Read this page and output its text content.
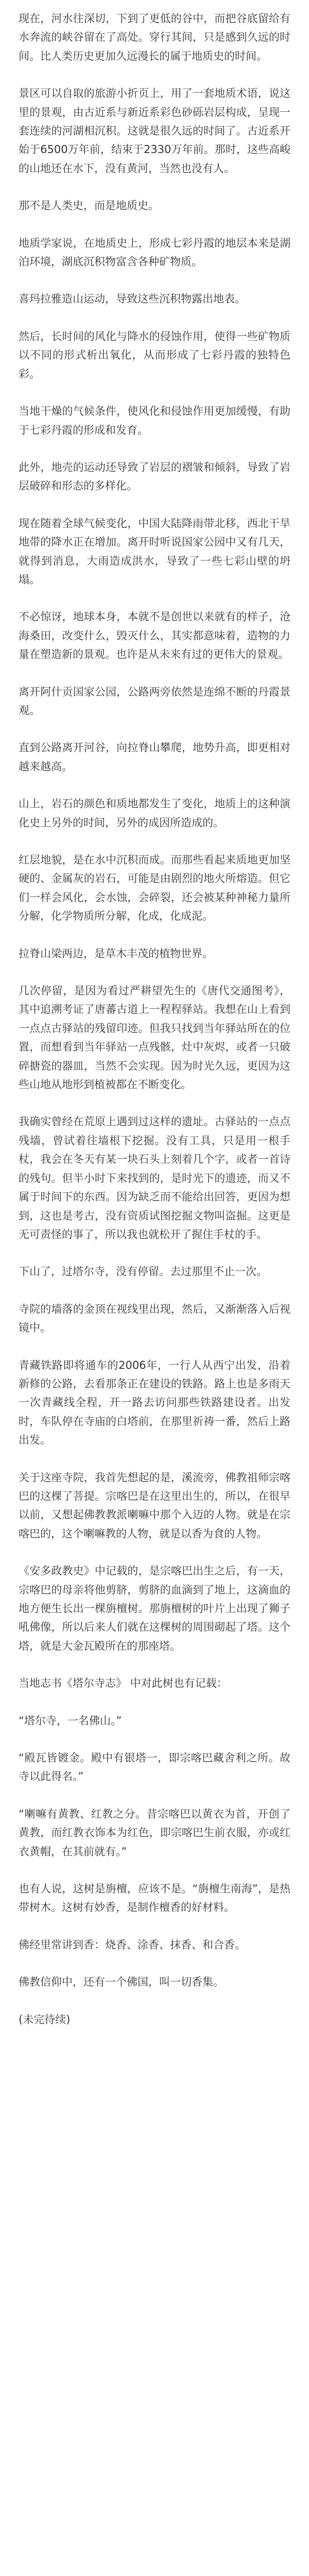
现在，河水往深切，下到了更低的谷中，而把谷底留给有水奔流的峡谷留在了高处。穿行其间，只是感到久远的时间。比人类历史更加久远漫长的属于地质史的时间。

景区可以自取的旅游小折页上，用了一套地质术语，说这里的景观，由古近系与新近系彩色砂砾岩层构成，呈现一套连续的河湖相沉积。这就是很久远的时间了。古近系开始于6500万年前，结束于2330万年前。那时，这些高峻的山地还在水下，没有黄河，当然也没有人。

那不是人类史，而是地质史。

地质学家说，在地质史上，形成七彩丹霞的地层本来是湖泊环境，湖底沉积物富含各种矿物质。

喜玛拉雅造山运动，导致这些沉积物露出地表。

然后，长时间的风化与降水的侵蚀作用，使得一些矿物质以不同的形式析出氧化，从而形成了七彩丹霞的独特色彩。

当地干燥的气候条件，使风化和侵蚀作用更加缓慢，有助于七彩丹霞的形成和发育。

此外，地壳的运动还导致了岩层的褶皱和倾斜，导致了岩层破碎和形态的多样化。

现在随着全球气候变化，中国大陆降雨带北移，西北干旱地带的降水正在增加。离开时听说国家公园中又有几天，就得到消息，大雨造成洪水，导致了一些七彩山壁的坍塌。

不必惊讶，地球本身，本就不是创世以来就有的样子，沧海桑田，改变什么，毁灭什么，其实都意味着，造物的力量在塑造新的景观。也许是从未来有过的更伟大的景观。

离开阿什贡国家公园，公路两旁依然是连绵不断的丹霞景观。

直到公路离开河谷，向拉脊山攀爬，地势升高，即更相对越来越高。

山上，岩石的颜色和质地都发生了变化，地质上的这种演化史上另外的时间，另外的成因所造成的。

红层地貌，是在水中沉积而成。而那些看起来质地更加坚硬的、金属灰的岩石，可能是由剧烈的地火所熔造。但它们一样会风化，会水蚀，会碎裂，还会被某种神秘力量所分解，化学物质所分解，化成，化成泥。

拉脊山梁两边，是草木丰茂的植物世界。

几次停留，是因为看过严耕望先生的《唐代交通图考》，其中追溯考证了唐蕃古道上一程程驿站。我想在山上看到一点点古驿站的残留印迹。但我只找到当年驿站所在的位置，而想看到当年驿站一点残骸，灶中灰烬，或者一只破碎搪瓷的器皿，当然不会实现。因为时光久远，更因为这些山地从地形到植被都在不断变化。

我确实曾经在荒原上遇到过这样的遗址。古驿站的一点点残墙，曾试着往墙根下挖掘。没有工具，只是用一根手杖，我会在冬天有某一块石头上刻着几个字，或者一首诗的残句。但半小时下来找到的，是时光下的遗迹，而又不属于时间下的东西。因为缺乏而不能给出回答，更因为想到，这也是考古，没有资质试图挖掘文物叫盗掘。这更是无可责怪的事了，所以我也就松开了握住手杖的手。

下山了，过塔尔寺，没有停留。去过那里不止一次。

寺院的墙落的金顶在视线里出现，然后，又渐渐落入后视镜中。

青藏铁路即将通车的2006年，一行人从西宁出发，沿着新修的公路，去看那条正在建设的铁路。路上也是多雨天一次青藏线全程，开一路去访问那些铁路建设者。出发时，车队停在寺庙的白塔前，在那里祈祷一番，然后上路出发。

关于这座寺院，我首先想起的是，溪流旁，佛教祖师宗喀巴的这棵了菩提。宗喀巴是在这里出生的，所以，在很早以前，又想起佛教教派喇嘛中那个入迈的人物。就是在宗喀巴的，这个喇嘛教的人物，就是以香为食的人物。

《安多政教史》中记载的，是宗喀巴出生之后，有一天，宗喀巴的母亲将他剪脐，剪脐的血滴到了地上，这滴血的地方便生长出一棵旃檀树。那旃檀树的叶片上出现了狮子吼佛像，所以后来人们就在这棵树的周围砌起了塔。这个塔，就是大金瓦殿所在的那座塔。

当地志书《塔尔寺志》 中对此树也有记载：

“塔尔寺，一名佛山。”

“殿瓦皆镀金。殿中有银塔一，即宗喀巴藏舍利之所。故寺以此得名。”

“喇嘛有黄教、红教之分。昔宗喀巴以黄衣为首，开创了黄教，而红教衣饰本为红色，即宗喀巴生前衣服，亦或红衣黄帽，在其前就有。”

也有人说，这树是旃檀，应该不是。“旃檀生南海”，是热带树木。这树有妙香，是制作檀香的好材料。

佛经里常讲到香：烧香、涂香、抹香、和合香。

佛教信仰中，还有一个佛国，叫一切香集。

(未完待续)
